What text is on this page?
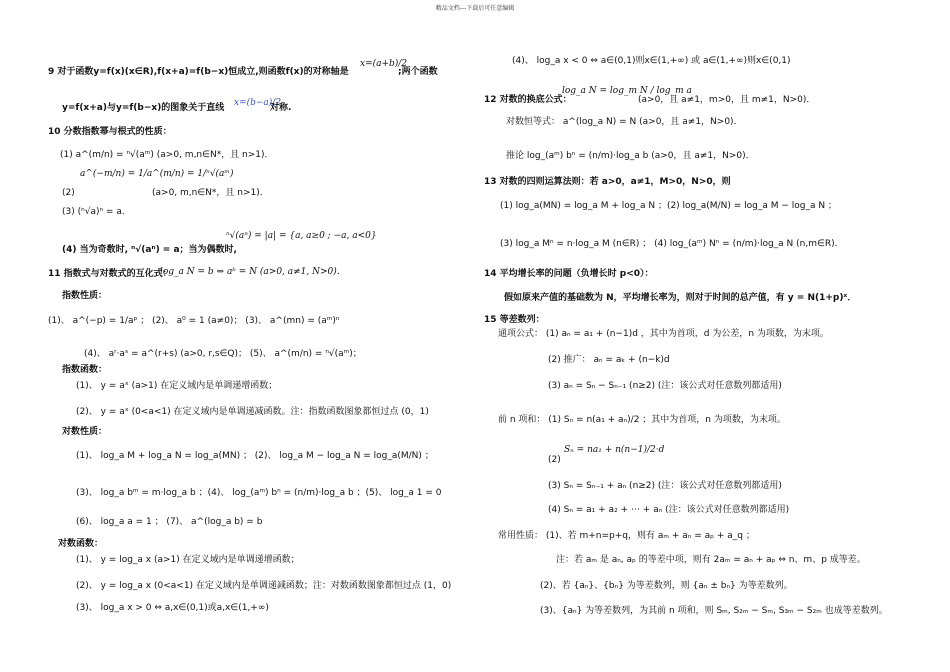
精品文档---下载后可任意编辑
9 对于函数y=f(x)(x∈R),f(x+a)=f(b−x)恒成立,则函数f(x)的对称轴是
x=(a+b)/2
;两个函数
y=f(x+a)与y=f(b−x)的图象关于直线 x=(b−a)/2
对称.
10 分数指数幂与根式的性质：
(1) a^(m/n) = ⁿ√(aᵐ) (a>0, m,n∈N*，且 n>1)．
a^(−m/n) = 1/a^(m/n) = 1/ⁿ√(aᵐ)
(2)	(a>0, m,n∈N*，且 n>1)．
(3) (ⁿ√a)ⁿ = a．
ⁿ√(aⁿ) = |a| = {a, a≥0 ; −a, a<0}
(4) 当为奇数时, ⁿ√(aⁿ) = a；当为偶数时,
11 指数式与对数式的互化式：
log_a N = b ⇔ aᵇ = N (a>0, a≠1, N>0)．
指数性质：
(1)、 a^(−p) = 1/aᵖ ； (2)、 a⁰ = 1 (a≠0)； (3)、 a^(mn) = (aᵐ)ⁿ
(4)、 aʳ·aˢ = a^(r+s) (a>0, r,s∈Q)； (5)、 a^(m/n) = ⁿ√(aᵐ)；
指数函数：
(1)、 y = aˣ (a>1) 在定义域内是单调递增函数；
(2)、 y = aˣ (0<a<1) 在定义域内是单调递减函数。注：指数函数图象都恒过点 (0，1)
对数性质：
(1)、 log_a M + log_a N = log_a(MN) ； (2)、 log_a M − log_a N = log_a(M/N) ；
(3)、 log_a bᵐ = m·log_a b ；(4)、 log_(aᵐ) bⁿ = (n/m)·log_a b ；(5)、 log_a 1 = 0
(6)、 log_a a = 1 ； (7)、 a^(log_a b) = b
对数函数：
(1)、 y = log_a x (a>1) 在定义域内是单调递增函数；
(2)、 y = log_a x (0<a<1) 在定义域内是单调递减函数；注：对数函数图象都恒过点 (1，0)
(3)、 log_a x > 0 ⇔ a,x∈(0,1)或a,x∈(1,+∞)
(4)、 log_a x < 0 ⇔ a∈(0,1)则x∈(1,+∞) 或 a∈(1,+∞)则x∈(0,1)
log_a N = log_m N / log_m a
12 对数的换底公式：	(a>0，且 a≠1，m>0，且 m≠1，N>0)．
对数恒等式： a^(log_a N) = N (a>0，且 a≠1，N>0)．
推论 log_(aᵐ) bⁿ = (n/m)·log_a b (a>0，且 a≠1，N>0)．
13 对数的四则运算法则：若 a>0，a≠1，M>0，N>0，则
(1) log_a(MN) = log_a M + log_a N ；(2) log_a(M/N) = log_a M − log_a N ；
(3) log_a Mⁿ = n·log_a M (n∈R) ； (4) log_(aᵐ) Nⁿ = (n/m)·log_a N (n,m∈R)．
14 平均增长率的问题（负增长时 p<0）：
假如原来产值的基础数为 N，平均增长率为，则对于时间的总产值，有 y = N(1+p)ˣ．
15 等差数列：
通项公式： (1) aₙ = a₁ + (n−1)d ，其中为首项，d 为公差，n 为项数，为末项。
(2) 推广： aₙ = aₖ + (n−k)d
(3) aₙ = Sₙ − Sₙ₋₁ (n≥2) (注：该公式对任意数列都适用)
前 n 项和： (1) Sₙ = n(a₁ + aₙ)/2 ；其中为首项，n 为项数，为末项。
Sₙ = na₁ + n(n−1)/2·d
(2)
(3) Sₙ = Sₙ₋₁ + aₙ (n≥2) (注：该公式对任意数列都适用)
(4) Sₙ = a₁ + a₂ + ⋯ + aₙ (注：该公式对任意数列都适用)
常用性质： (1)、若 m+n=p+q，则有 aₘ + aₙ = aₚ + a_q ；
注：若 aₘ 是 aₙ, aₚ 的等差中项，则有 2aₘ = aₙ + aₚ ⇔ n、m、p 成等差。
(2)、若 {aₙ}、{bₙ} 为等差数列，则 {aₙ ± bₙ} 为等差数列。
(3)、{aₙ} 为等差数列，为其前 n 项和，则 Sₘ, S₂ₘ − Sₘ, S₃ₘ − S₂ₘ 也成等差数列。
